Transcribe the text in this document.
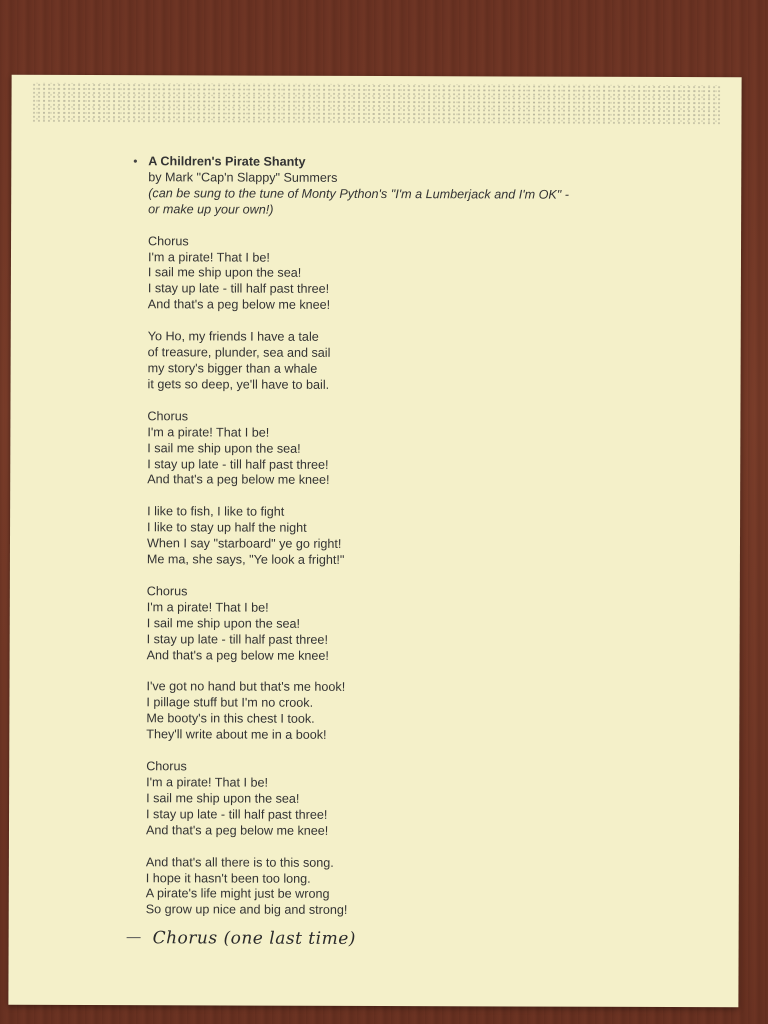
• A Children's Pirate Shanty
by Mark "Cap'n Slappy" Summers
(can be sung to the tune of Monty Python's "I'm a Lumberjack and I'm OK" -
or make up your own!)
Chorus
I'm a pirate! That I be!
I sail me ship upon the sea!
I stay up late - till half past three!
And that's a peg below me knee!
Yo Ho, my friends I have a tale
of treasure, plunder, sea and sail
my story's bigger than a whale
it gets so deep, ye'll have to bail.
Chorus
I'm a pirate! That I be!
I sail me ship upon the sea!
I stay up late - till half past three!
And that's a peg below me knee!
I like to fish, I like to fight
I like to stay up half the night
When I say "starboard" ye go right!
Me ma, she says, "Ye look a fright!"
Chorus
I'm a pirate! That I be!
I sail me ship upon the sea!
I stay up late - till half past three!
And that's a peg below me knee!
I've got no hand but that's me hook!
I pillage stuff but I'm no crook.
Me booty's in this chest I took.
They'll write about me in a book!
Chorus
I'm a pirate! That I be!
I sail me ship upon the sea!
I stay up late - till half past three!
And that's a peg below me knee!
And that's all there is to this song.
I hope it hasn't been too long.
A pirate's life might just be wrong
So grow up nice and big and strong!
Chorus (one last time)
